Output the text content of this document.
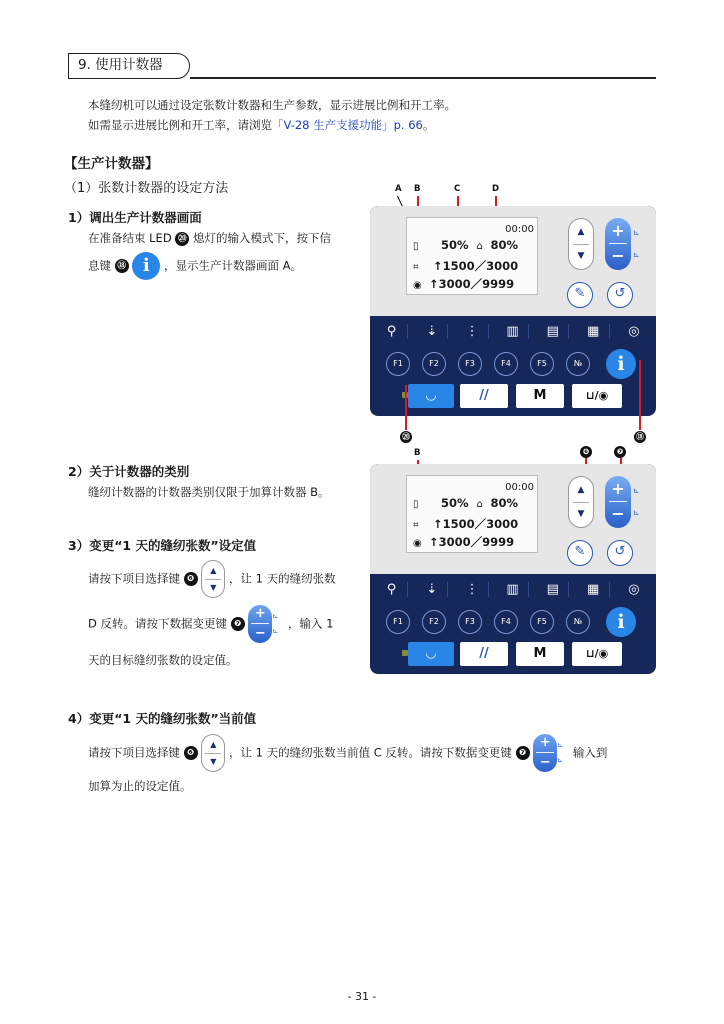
9. 使用计数器
本缝纫机可以通过设定张数计数器和生产参数，显示进展比例和开工率。
如需显示进展比例和开工率，请浏览「V-28 生产支援功能」p. 66。
【生产计数器】
（1）张数计数器的设定方法
1）调出生产计数器画面
在准备结束 LED ⑳ 熄灯的输入模式下，按下信
息键 ⑱ i ，显示生产计数器画面 A。
2）关于计数器的类别
缝纫计数器的计数器类别仅限于加算计数器 B。
3）变更“1 天的缝纫张数”设定值
请按下项目选择键 ❻
▲
▼
，让 1 天的缝纫张数
D 反转。请按下数据变更键 ❼
+
−
⊾
⊾ ，输入 1
天的目标缝纫张数的设定值。
4）变更“1 天的缝纫张数”当前值
请按下项目选择键 ❻
▲
▼
，让 1 天的缝纫张数当前值 C 反转。请按下数据变更键 ❼
+
−
⊾
⊾ 输入到
加算为止的设定值。
A B	C	D
00:00
▯ 50% ⌂ 80%
⌗ ↑1500／3000
◉ ↑3000／9999
▲
▼
+
−
⊾
⊾
✎	↺
⚲	⇣	⋮	▥	▤	▦	◎
F1	F2	F3	F4	F5	№	i
◡	//	M	⊔/◉
⑳	⑱
B	❻	❼
00:00
▯ 50% ⌂ 80%
⌗ ↑1500／3000
◉ ↑3000／9999
▲
▼
+
−
⊾
⊾
✎	↺
⚲	⇣	⋮	▥	▤	▦	◎
F1	F2	F3	F4	F5	№	i
◡	//	M	⊔/◉
- 31 -
